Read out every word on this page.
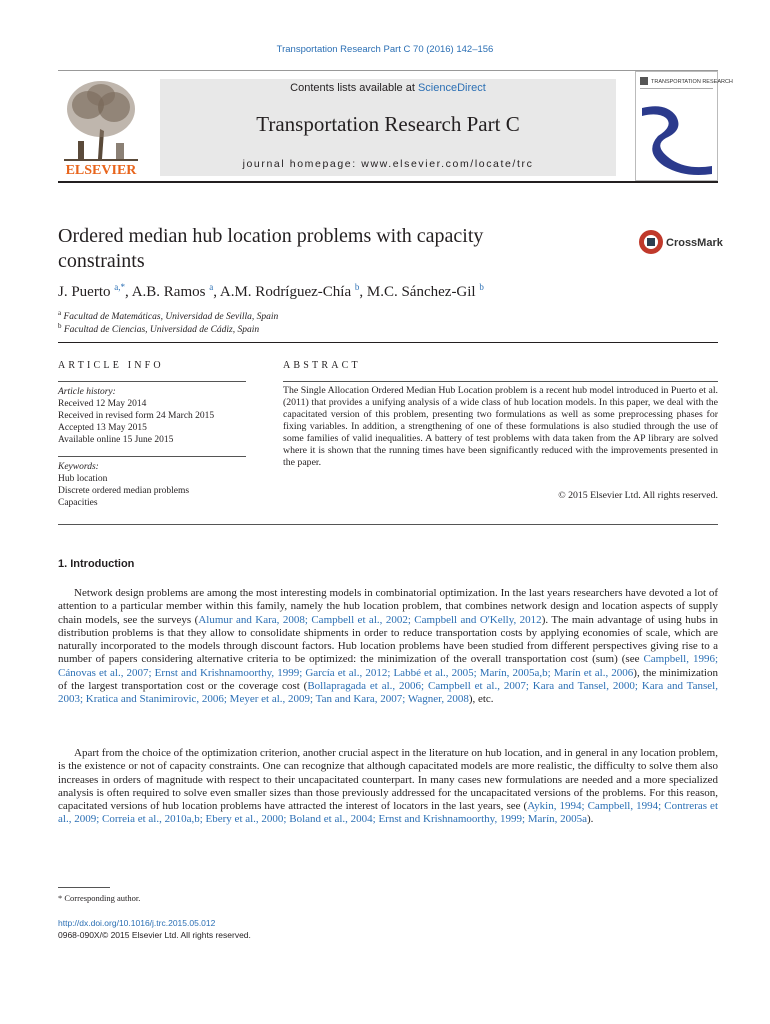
Transportation Research Part C 70 (2016) 142–156
ELSEVIER
Contents lists available at ScienceDirect
Transportation Research Part C
journal homepage: www.elsevier.com/locate/trc
TRANSPORTATION RESEARCH
Ordered median hub location problems with capacity
constraints
CrossMark
J. Puerto $^{a,*}$, A.B. Ramos $^a$, A.M. Rodríguez-Chía $^b$, M.C. Sánchez-Gil $^b$
$^a$ Facultad de Matemáticas, Universidad de Sevilla, Spain
$^b$ Facultad de Ciencias, Universidad de Cádiz, Spain
ARTICLE INFO
Article history:
Received 12 May 2014
Received in revised form 24 March 2015
Accepted 13 May 2015
Available online 15 June 2015
Keywords:
Hub location
Discrete ordered median problems
Capacities
ABSTRACT
The Single Allocation Ordered Median Hub Location problem is a recent hub model introduced in Puerto et al. (2011) that provides a unifying analysis of a wide class of hub location models. In this paper, we deal with the capacitated version of this problem, presenting two formulations as well as some preprocessing phases for fixing variables. In addition, a strengthening of one of these formulations is also studied through the use of some families of valid inequalities. A battery of test problems with data taken from the AP library are solved where it is shown that the running times have been significantly reduced with the improvements presented in the paper.
© 2015 Elsevier Ltd. All rights reserved.
1. Introduction
Network design problems are among the most interesting models in combinatorial optimization. In the last years researchers have devoted a lot of attention to a particular member within this family, namely the hub location problem, that combines network design and location aspects of supply chain models, see the surveys (Alumur and Kara, 2008; Campbell et al., 2002; Campbell and O'Kelly, 2012). The main advantage of using hubs in distribution problems is that they allow to consolidate shipments in order to reduce transportation costs by applying economies of scale, which are naturally incorporated to the models through discount factors. Hub location problems have been studied from different perspectives giving rise to a number of papers considering alternative criteria to be optimized: the minimization of the overall transportation cost (sum) (see Campbell, 1996; Cánovas et al., 2007; Ernst and Krishnamoorthy, 1999; García et al., 2012; Labbé et al., 2005; Marín, 2005a,b; Marín et al., 2006), the minimization of the largest transportation cost or the coverage cost (Bollapragada et al., 2006; Campbell et al., 2007; Kara and Tansel, 2000; Kara and Tansel, 2003; Kratica and Stanimirovic, 2006; Meyer et al., 2009; Tan and Kara, 2007; Wagner, 2008), etc.
Apart from the choice of the optimization criterion, another crucial aspect in the literature on hub location, and in general in any location problem, is the existence or not of capacity constraints. One can recognize that although capacitated models are more realistic, the difficulty to solve them also increases in orders of magnitude with respect to their uncapacitated counterpart. In many cases new formulations are needed and a more specialized analysis is often required to solve even smaller sizes than those previously addressed for the uncapacitated versions of the problems. For this reason, capacitated versions of hub location problems have attracted the interest of locators in the last years, see (Aykin, 1994; Campbell, 1994; Contreras et al., 2009; Correia et al., 2010a,b; Ebery et al., 2000; Boland et al., 2004; Ernst and Krishnamoorthy, 1999; Marín, 2005a).
* Corresponding author.
http://dx.doi.org/10.1016/j.trc.2015.05.012
0968-090X/© 2015 Elsevier Ltd. All rights reserved.
